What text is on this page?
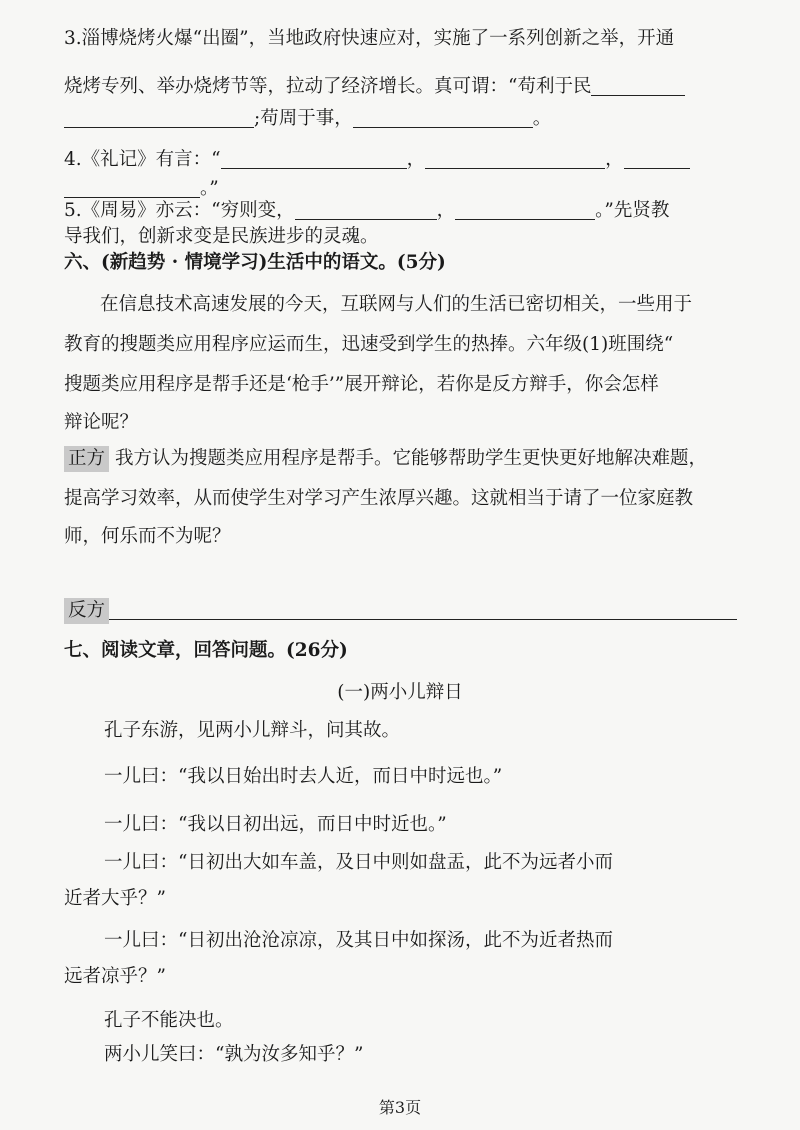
3.淄博烧烤火爆“出圈”，当地政府快速应对，实施了一系列创新之举，开通
烧烤专列、举办烧烤节等，拉动了经济增长。真可谓：“苟利于民
;苟周于事，	。
4.《礼记》有言：“	，	，
。”
5.《周易》亦云：“穷则变，	，	。”先贤教
导我们，创新求变是民族进步的灵魂。
六、(新趋势 · 情境学习)生活中的语文。(5分)
在信息技术高速发展的今天，互联网与人们的生活已密切相关，一些用于
教育的搜题类应用程序应运而生，迅速受到学生的热捧。六年级(1)班围绕“
搜题类应用程序是帮手还是‘枪手’”展开辩论，若你是反方辩手，你会怎样
辩论呢？
正方 我方认为搜题类应用程序是帮手。它能够帮助学生更快更好地解决难题，
提高学习效率，从而使学生对学习产生浓厚兴趣。这就相当于请了一位家庭教
师，何乐而不为呢？
反方
七、阅读文章，回答问题。(26分)
(一)两小儿辩日
孔子东游，见两小儿辩斗，问其故。
一儿曰：“我以日始出时去人近，而日中时远也。”
一儿曰：“我以日初出远，而日中时近也。”
一儿曰：“日初出大如车盖，及日中则如盘盂，此不为远者小而
近者大乎？”
一儿曰：“日初出沧沧凉凉，及其日中如探汤，此不为近者热而
远者凉乎？”
孔子不能决也。
两小儿笑曰：“孰为汝多知乎？”
第3页
